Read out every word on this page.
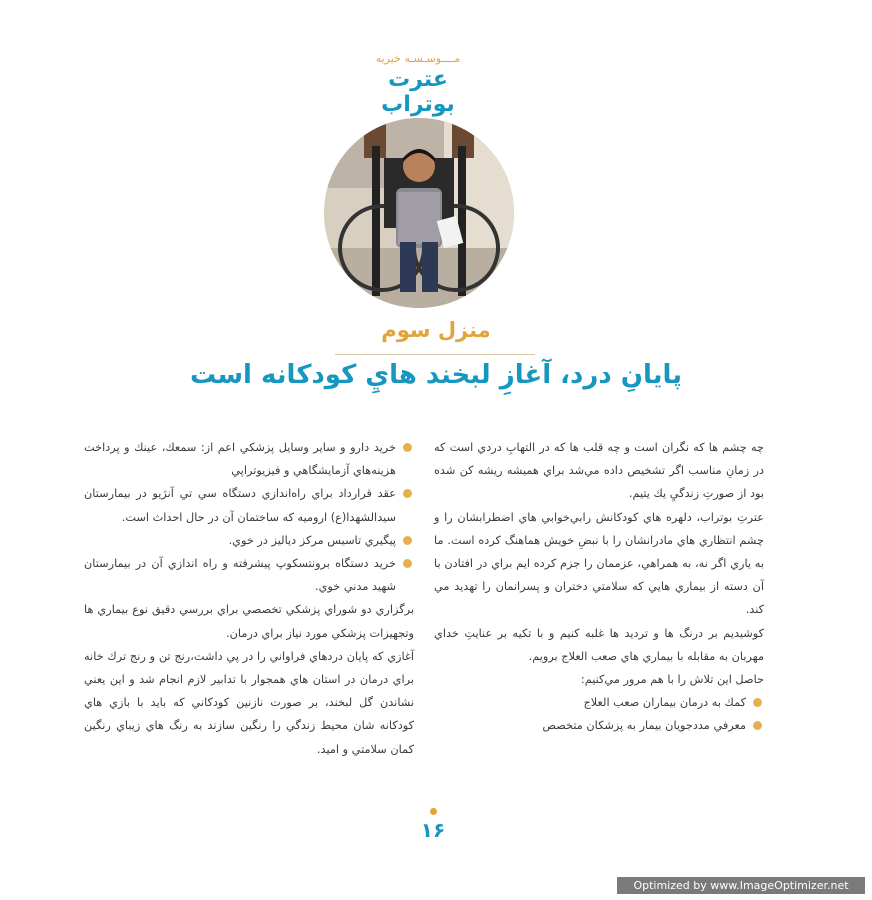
مــــوسـسـه خيريه
عترت بوتراب
منزل سوم
پايانِ درد، آغازِ لبخند هايِ كودكانه است

چه چشم ها كه نگران است و چه قلب ها كه در التهابِ دردي است كه در زمانِ مناسب اگر تشخيص داده مي‌شد براي هميشه ريشه كن شده بود از صورتِ زندگيِ يك يتيم.

عترتِ بوتراب، دلهره هاي كودكانش رابي‌خوابي هاي اضطرابشان را و چشم انتظاري هاي مادرانشان را با نبضِ خويش هماهنگ كرده است. ما به ياري اگر نه، به همراهي، عزممان را جزم كرده ايم براي در افتادن با آن دسته از بيماري هايي كه سلامتي دختران و پسرانمان را تهديد مي كند.

كوشيديم بر درنگ ها و ترديد ها غلبه كنيم و با تكيه بر عنايتِ خداي مهربان به مقابله با بيماري هاي صعب العلاج برويم.

حاصل اين تلاش را با هم مرور مي‌كنيم:

كمك به درمان بيماران صعب العلاج
معرفي مددجويان بيمار به پزشكان متخصص
خريد دارو و ساير وسايل پزشكي اعم از: سمعك، عينك و پرداخت هزينه‌هاي آزمايشگاهي و فيزيوتراپي
عقد قرارداد براي راه‌اندازي دستگاه سي تي آنژيو در بيمارستان سيدالشهدا(ع) اروميه كه ساختمان آن در حال احداث است.
پيگيري تاسيس مركز دياليز در خوي.
خريد دستگاه برونتسكوپ پيشرفته و راه اندازي آن در بيمارستان شهيد مدني خوي.

برگزاري دو شوراي پزشكي تخصصي براي بررسي دقيق نوع بيماري ها وتجهيزات پزشكي مورد نياز براي درمان.

آغازي كه پايان دردهاي فراواني را در پي داشت،رنج تن و رنج ترك خانه براي درمان در استان هاي همجوار با تدابير لازم انجام شد و اين يعني نشاندن گل لبخند، بر صورت نازنين كودكاني كه بايد با بازي هاي كودكانه شان محيط زندگي را رنگين سازند به رنگ هاي زيباي رنگين كمان سلامتي و اميد.

١۶
Optimized by www.ImageOptimizer.net
